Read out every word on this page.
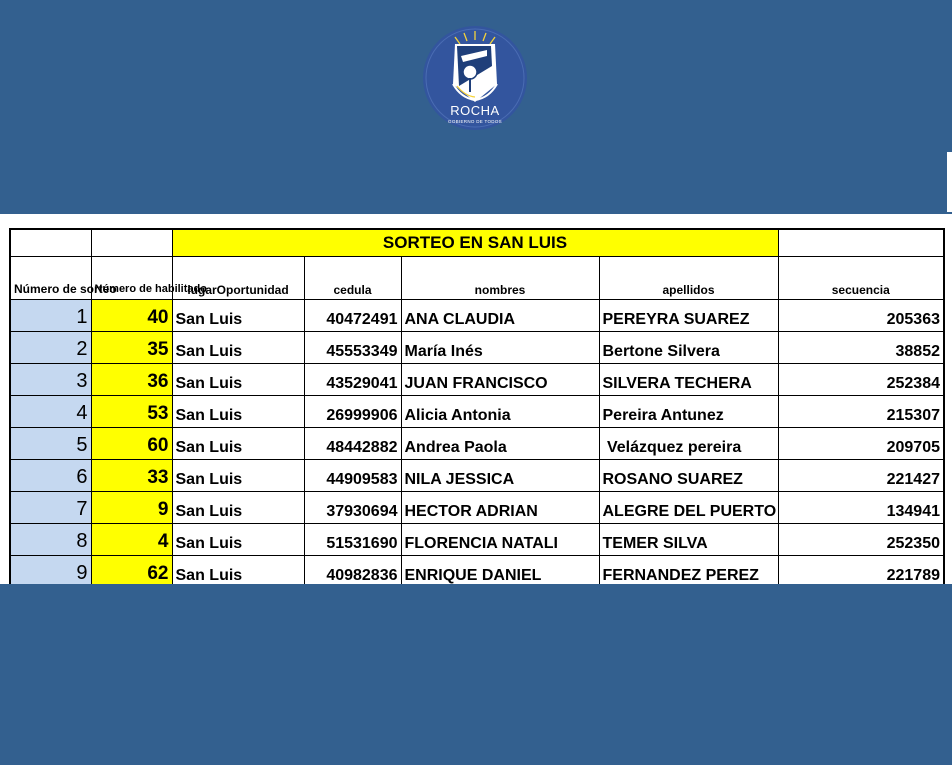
ROCHA
GOBIERNO DE TODOS
		SORTEO EN SAN LUIS				
Número de sorteo	Número de habilitado	lugarOportunidad	cedula	nombres	apellidos	secuencia
1	40	San Luis	40472491	ANA CLAUDIA	PEREYRA SUAREZ	205363
2	35	San Luis	45553349	María Inés	Bertone Silvera	38852
3	36	San Luis	43529041	JUAN FRANCISCO	SILVERA TECHERA	252384
4	53	San Luis	26999906	Alicia Antonia	Pereira Antunez	215307
5	60	San Luis	48442882	Andrea Paola	Velázquez pereira	209705
6	33	San Luis	44909583	NILA JESSICA	ROSANO SUAREZ	221427
7	9	San Luis	37930694	HECTOR ADRIAN	ALEGRE DEL PUERTO	134941
8	4	San Luis	51531690	FLORENCIA NATALI	TEMER SILVA	252350
9	62	San Luis	40982836	ENRIQUE DANIEL	FERNANDEZ PEREZ	221789
